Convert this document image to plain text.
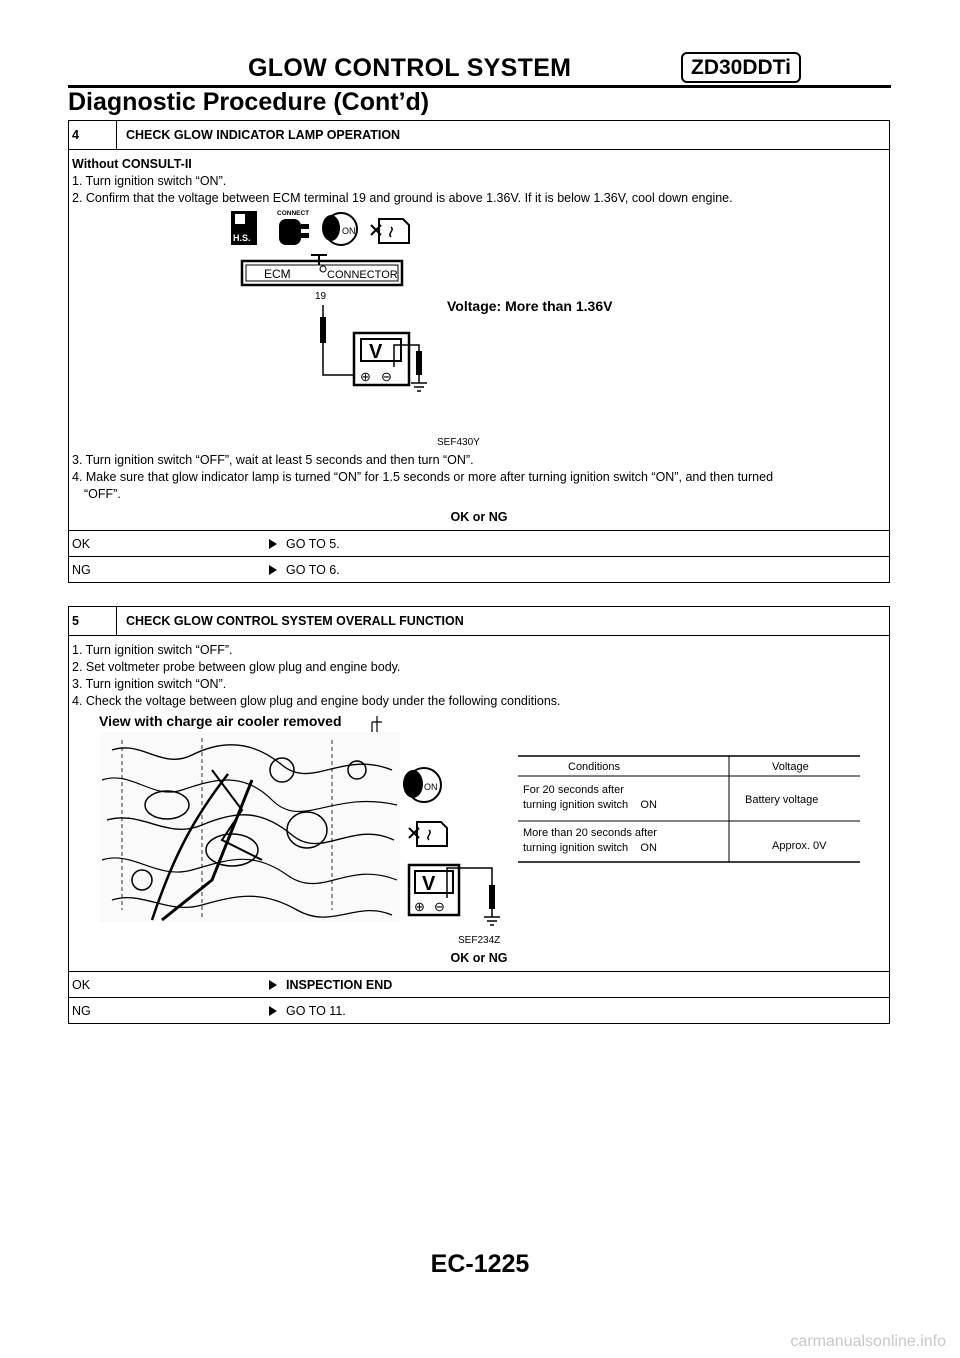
GLOW CONTROL SYSTEM	ZD30DDTi
Diagnostic Procedure (Cont’d)
4	CHECK GLOW INDICATOR LAMP OPERATION
Without CONSULT-II
1. Turn ignition switch “ON”.
2. Confirm that the voltage between ECM terminal 19 and ground is above 1.36V. If it is below 1.36V, cool down engine.
H.S.
CONNECT
ON
ECM	CONNECTOR
19
V
⊕ ⊖
Voltage: More than 1.36V
SEF430Y
3. Turn ignition switch “OFF”, wait at least 5 seconds and then turn “ON”.
4. Make sure that glow indicator lamp is turned “ON” for 1.5 seconds or more after turning ignition switch “ON”, and then turned
“OFF”.
OK or NG
OK	GO TO 5.
NG	GO TO 6.
5	CHECK GLOW CONTROL SYSTEM OVERALL FUNCTION
1. Turn ignition switch “OFF”.
2. Set voltmeter probe between glow plug and engine body.
3. Turn ignition switch “ON”.
4. Check the voltage between glow plug and engine body under the following conditions.
View with charge air cooler removed
ON
V
⊕ ⊖
Conditions	Voltage
For 20 seconds after
turning ignition switch    ON	Battery voltage
More than 20 seconds after
turning ignition switch    ON	Approx. 0V
SEF234Z
OK or NG
OK	INSPECTION END
NG	GO TO 11.
EC-1225
carmanualsonline.info
